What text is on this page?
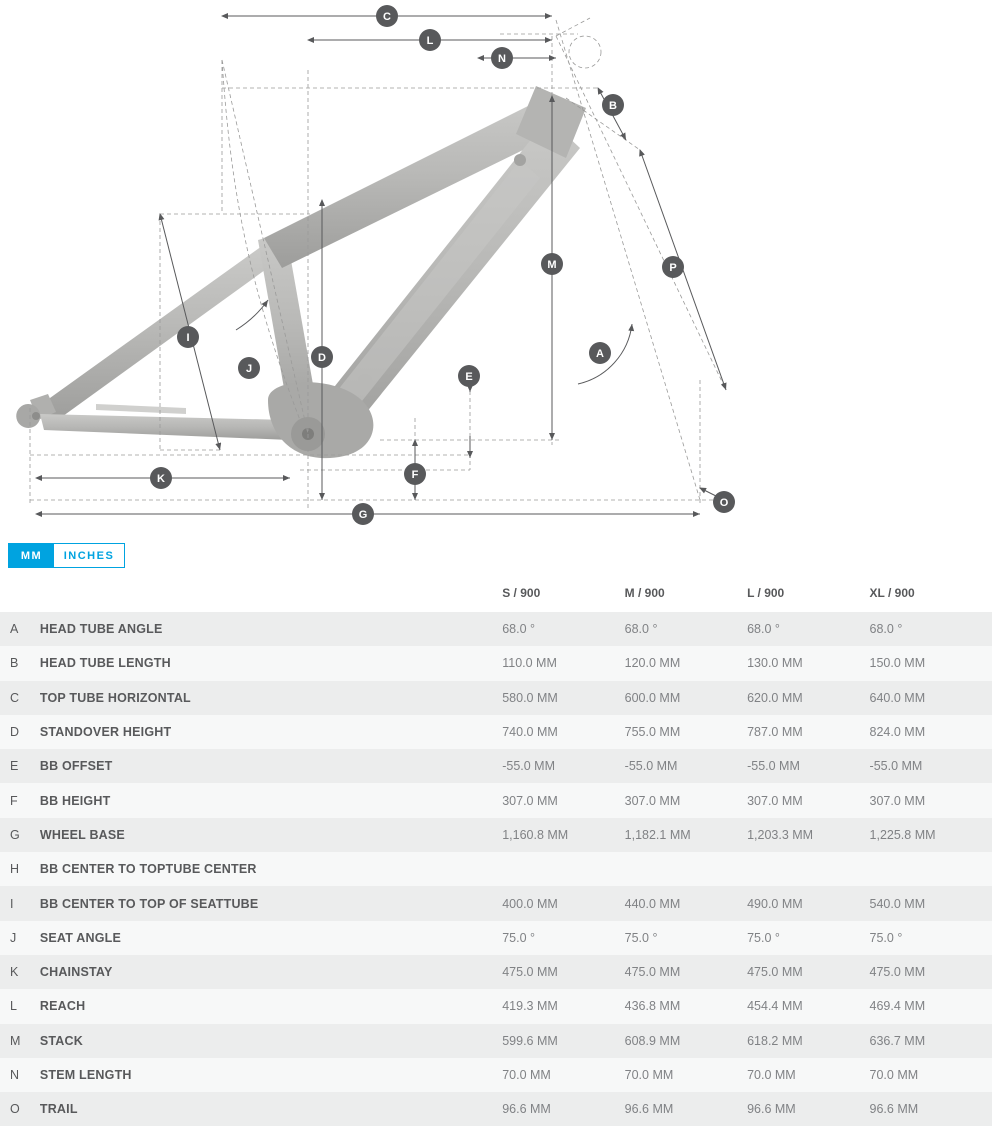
C
L
N
B
P
M
I
J
D
E
A
F
K
G
O
MM	INCHES
		S / 900	M / 900	L / 900	XL / 900
A	HEAD TUBE ANGLE	68.0 °	68.0 °	68.0 °	68.0 °
B	HEAD TUBE LENGTH	110.0 MM	120.0 MM	130.0 MM	150.0 MM
C	TOP TUBE HORIZONTAL	580.0 MM	600.0 MM	620.0 MM	640.0 MM
D	STANDOVER HEIGHT	740.0 MM	755.0 MM	787.0 MM	824.0 MM
E	BB OFFSET	-55.0 MM	-55.0 MM	-55.0 MM	-55.0 MM
F	BB HEIGHT	307.0 MM	307.0 MM	307.0 MM	307.0 MM
G	WHEEL BASE	1,160.8 MM	1,182.1 MM	1,203.3 MM	1,225.8 MM
H	BB CENTER TO TOPTUBE CENTER				
I	BB CENTER TO TOP OF SEATTUBE	400.0 MM	440.0 MM	490.0 MM	540.0 MM
J	SEAT ANGLE	75.0 °	75.0 °	75.0 °	75.0 °
K	CHAINSTAY	475.0 MM	475.0 MM	475.0 MM	475.0 MM
L	REACH	419.3 MM	436.8 MM	454.4 MM	469.4 MM
M	STACK	599.6 MM	608.9 MM	618.2 MM	636.7 MM
N	STEM LENGTH	70.0 MM	70.0 MM	70.0 MM	70.0 MM
O	TRAIL	96.6 MM	96.6 MM	96.6 MM	96.6 MM
